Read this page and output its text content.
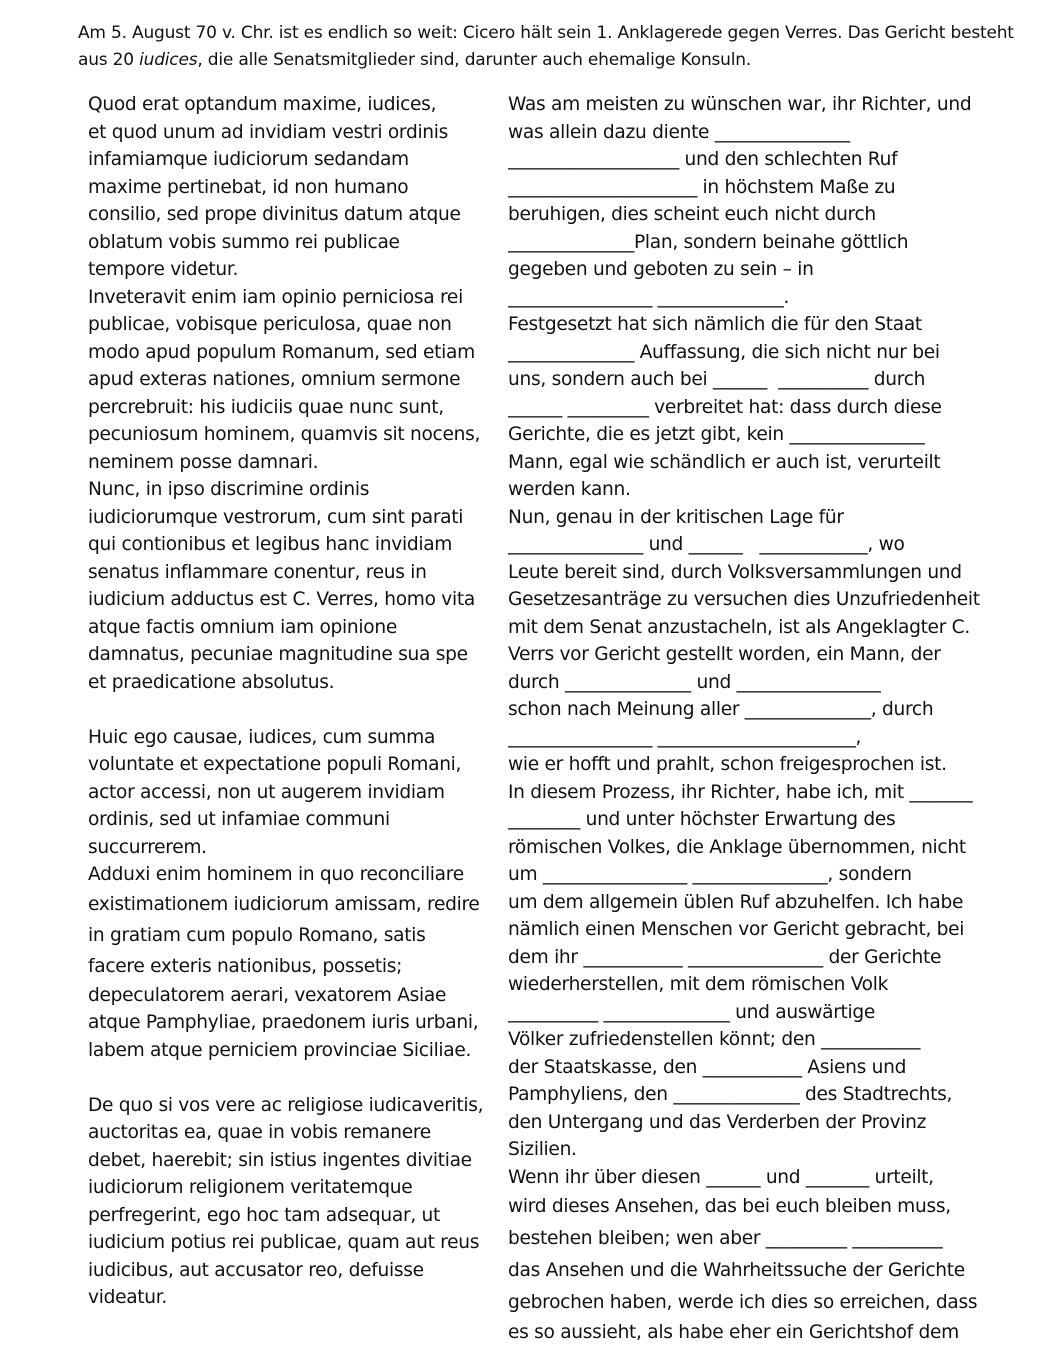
Am 5. August 70 v. Chr. ist es endlich so weit: Cicero hält sein 1. Anklagerede gegen Verres. Das Gericht besteht
aus 20 iudices, die alle Senatsmitglieder sind, darunter auch ehemalige Konsuln.
Quod erat optandum maxime, iudices,
et quod unum ad invidiam vestri ordinis
infamiamque iudiciorum sedandam
maxime pertinebat, id non humano
consilio, sed prope divinitus datum atque
oblatum vobis summo rei publicae
tempore videtur.
Inveteravit enim iam opinio perniciosa rei
publicae, vobisque periculosa, quae non
modo apud populum Romanum, sed etiam
apud exteras nationes, omnium sermone
percrebruit: his iudiciis quae nunc sunt,
pecuniosum hominem, quamvis sit nocens,
neminem posse damnari.
Nunc, in ipso discrimine ordinis
iudiciorumque vestrorum, cum sint parati
qui contionibus et legibus hanc invidiam
senatus inflammare conentur, reus in
iudicium adductus est C. Verres, homo vita
atque factis omnium iam opinione
damnatus, pecuniae magnitudine sua spe
et praedicatione absolutus.
Huic ego causae, iudices, cum summa
voluntate et expectatione populi Romani,
actor accessi, non ut augerem invidiam
ordinis, sed ut infamiae communi
succurrerem.
Adduxi enim hominem in quo reconciliare
existimationem iudiciorum amissam, redire
in gratiam cum populo Romano, satis
facere exteris nationibus, possetis;
depeculatorem aerari, vexatorem Asiae
atque Pamphyliae, praedonem iuris urbani,
labem atque perniciem provinciae Siciliae.
De quo si vos vere ac religiose iudicaveritis,
auctoritas ea, quae in vobis remanere
debet, haerebit; sin istius ingentes divitiae
iudiciorum religionem veritatemque
perfregerint, ego hoc tam adsequar, ut
iudicium potius rei publicae, quam aut reus
iudicibus, aut accusator reo, defuisse
videatur.
Was am meisten zu wünschen war, ihr Richter, und
was allein dazu diente _______________
___________________ und den schlechten Ruf
_____________________ in höchstem Maße zu
beruhigen, dies scheint euch nicht durch
______________Plan, sondern beinahe göttlich
gegeben und geboten zu sein – in
________________ ______________.
Festgesetzt hat sich nämlich die für den Staat
______________ Auffassung, die sich nicht nur bei
uns, sondern auch bei ______  __________ durch
______ _________ verbreitet hat: dass durch diese
Gerichte, die es jetzt gibt, kein _______________
Mann, egal wie schändlich er auch ist, verurteilt
werden kann.
Nun, genau in der kritischen Lage für
_______________ und ______   ____________, wo
Leute bereit sind, durch Volksversammlungen und
Gesetzesanträge zu versuchen dies Unzufriedenheit
mit dem Senat anzustacheln, ist als Angeklagter C.
Verrs vor Gericht gestellt worden, ein Mann, der
durch ______________ und ________________
schon nach Meinung aller ______________, durch
________________ ______________________,
wie er hofft und prahlt, schon freigesprochen ist.
In diesem Prozess, ihr Richter, habe ich, mit _______
________ und unter höchster Erwartung des
römischen Volkes, die Anklage übernommen, nicht
um ________________ _______________, sondern
um dem allgemein üblen Ruf abzuhelfen. Ich habe
nämlich einen Menschen vor Gericht gebracht, bei
dem ihr ___________ _______________ der Gerichte
wiederherstellen, mit dem römischen Volk
__________ ______________ und auswärtige
Völker zufriedenstellen könnt; den ___________
der Staatskasse, den ___________ Asiens und
Pamphyliens, den ______________ des Stadtrechts,
den Untergang und das Verderben der Provinz
Sizilien.
Wenn ihr über diesen ______ und _______ urteilt,
wird dieses Ansehen, das bei euch bleiben muss,
bestehen bleiben; wen aber _________ __________
das Ansehen und die Wahrheitssuche der Gerichte
gebrochen haben, werde ich dies so erreichen, dass
es so aussieht, als habe eher ein Gerichtshof dem
